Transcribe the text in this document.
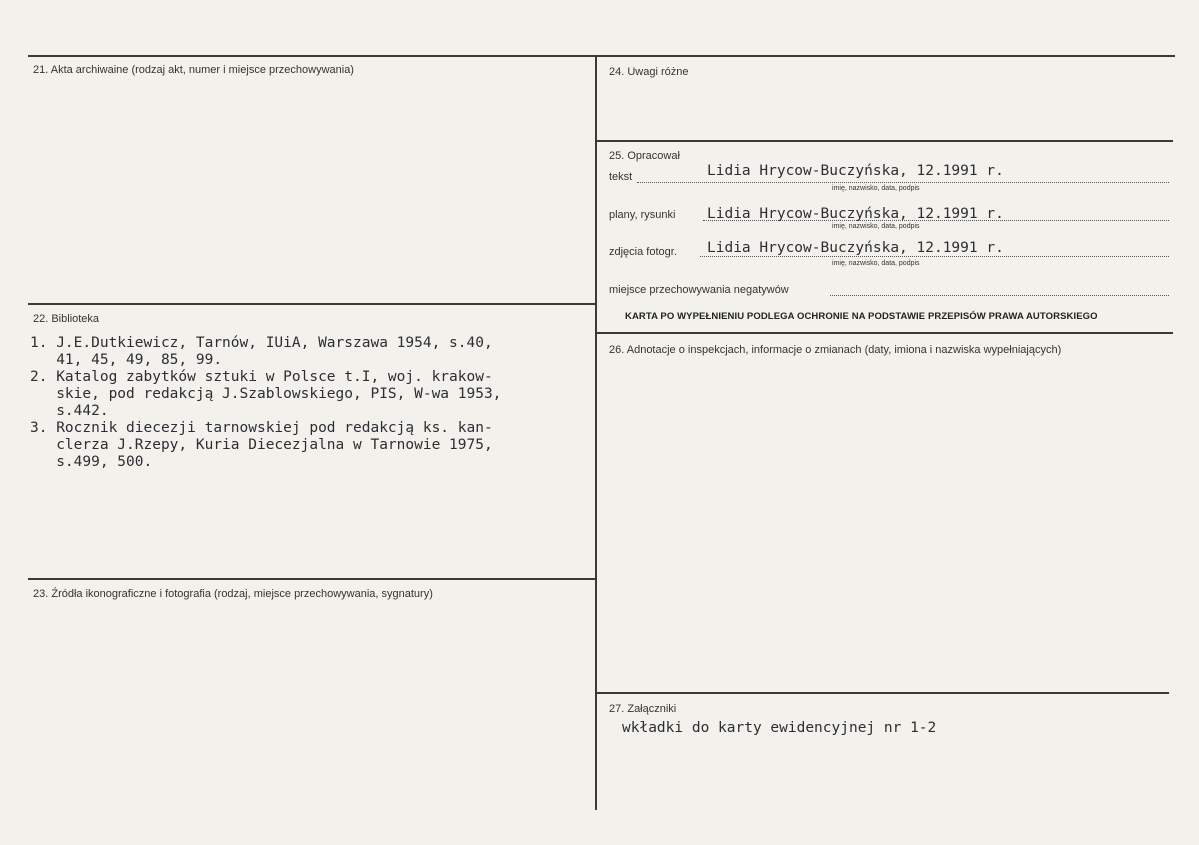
21. Akta archiwaine (rodzaj akt, numer i miejsce przechowywania)
22. Biblioteka
1. J.E.Dutkiewicz, Tarnów, IUiA, Warszawa 1954, s.40,
41, 45, 49, 85, 99.
2. Katalog zabytków sztuki w Polsce t.I, woj. krakow-
skie, pod redakcją J.Szablowskiego, PIS, W-wa 1953,
s.442.
3. Rocznik diecezji tarnowskiej pod redakcją ks. kan-
clerza J.Rzepy, Kuria Diecezjalna w Tarnowie 1975,
s.499, 500.
23. Źródła ikonograficzne i fotografia (rodzaj, miejsce przechowywania, sygnatury)
24. Uwagi różne
25. Opracował
tekst	Lidia Hrycow-Buczyńska, 12.1991 r.
imię, nazwisko, data, podpis
plany, rysunki Lidia Hrycow-Buczyńska, 12.1991 r.
imię, nazwisko, data, podpis
zdjęcia fotogr. Lidia Hrycow-Buczyńska, 12.1991 r.
imię, nazwisko, data, podpis
miejsce przechowywania negatywów
KARTA PO WYPEŁNIENIU PODLEGA OCHRONIE NA PODSTAWIE PRZEPISÓW PRAWA AUTORSKIEGO
26. Adnotacje o inspekcjach, informacje o zmianach (daty, imiona i nazwiska wypełniających)
27. Załączniki
wkładki do karty ewidencyjnej nr 1-2
